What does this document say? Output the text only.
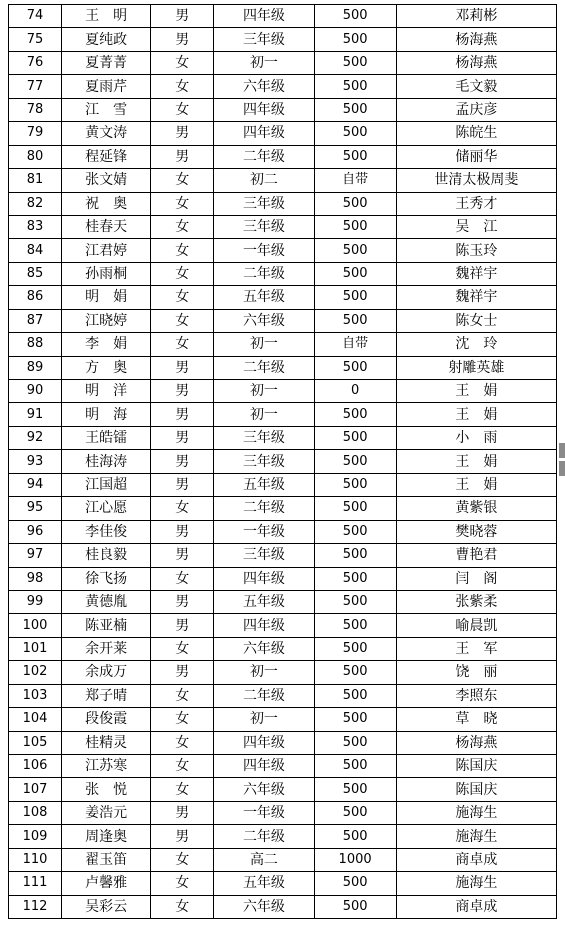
74	王　明	男	四年级	500	邓莉彬
75	夏纯政	男	三年级	500	杨海燕
76	夏菁菁	女	初一	500	杨海燕
77	夏雨芹	女	六年级	500	毛文毅
78	江　雪	女	四年级	500	孟庆彦
79	黄文涛	男	四年级	500	陈皖生
80	程延锋	男	二年级	500	储丽华
81	张文婧	女	初二	自带	世清太极周斐
82	祝　奥	女	三年级	500	王秀才
83	桂春天	女	三年级	500	吴　江
84	江君婷	女	一年级	500	陈玉玲
85	孙雨桐	女	二年级	500	魏祥宇
86	明　娟	女	五年级	500	魏祥宇
87	江晓婷	女	六年级	500	陈女士
88	李　娟	女	初一	自带	沈　玲
89	方　奥	男	二年级	500	射雕英雄
90	明　洋	男	初一	0	王　娟
91	明　海	男	初一	500	王　娟
92	王皓镭	男	三年级	500	小　雨
93	桂海涛	男	三年级	500	王　娟
94	江国超	男	五年级	500	王　娟
95	江心愿	女	二年级	500	黄紫银
96	李佳俊	男	一年级	500	樊晓蓉
97	桂良毅	男	三年级	500	曹艳君
98	徐飞扬	女	四年级	500	闫　阁
99	黄德胤	男	五年级	500	张紫柔
100	陈亚楠	男	四年级	500	喻晨凯
101	余开莱	女	六年级	500	王　军
102	余成万	男	初一	500	饶　丽
103	郑子晴	女	二年级	500	李照东
104	段俊霞	女	初一	500	草　晓
105	桂精灵	女	四年级	500	杨海燕
106	江苏寒	女	四年级	500	陈国庆
107	张　悦	女	六年级	500	陈国庆
108	姜浩元	男	一年级	500	施海生
109	周逢奥	男	二年级	500	施海生
110	翟玉笛	女	高二	1000	商卓成
111	卢馨雅	女	五年级	500	施海生
112	吴彩云	女	六年级	500	商卓成
